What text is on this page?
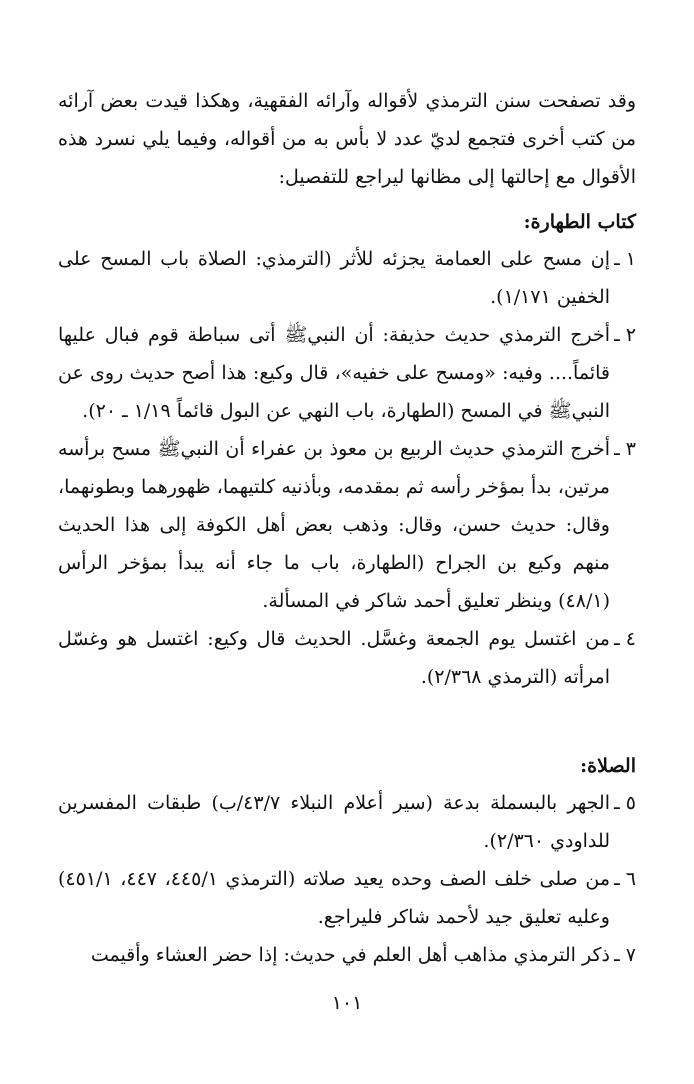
وقد تصفحت سنن الترمذي لأقواله وآرائه الفقهية، وهكذا قيدت بعض آرائه من كتب أخرى فتجمع لديّ عدد لا بأس به من أقواله، وفيما يلي نسرد هذه الأقوال مع إحالتها إلى مظانها ليراجع للتفصيل:

كتاب الطهارة:
١ ـ
إن مسح على العمامة يجزئه للأثر (الترمذي: الصلاة باب المسح على الخفين ١/١٧١).
٢ ـ
أخرج الترمذي حديث حذيفة: أن النبيﷺ أتى سباطة قوم فبال عليها قائماً.... وفيه: «ومسح على خفيه»، قال وكيع: هذا أصح حديث روى عن النبيﷺ في المسح (الطهارة، باب النهي عن البول قائماً ١/١٩ ـ ٢٠).
٣ ـ
أخرج الترمذي حديث الربيع بن معوذ بن عفراء أن النبيﷺ مسح برأسه مرتين، بدأ بمؤخر رأسه ثم بمقدمه، وبأذنيه كلتيهما، ظهورهما وبطونهما، وقال: حديث حسن، وقال: وذهب بعض أهل الكوفة إلى هذا الحديث منهم وكيع بن الجراح (الطهارة، باب ما جاء أنه يبدأ بمؤخر الرأس (٤٨/١) وينظر تعليق أحمد شاكر في المسألة.
٤ ـ
من اغتسل يوم الجمعة وغسَّل. الحديث قال وكيع: اغتسل هو وغسّل امرأته (الترمذي ٢/٣٦٨).
الصلاة:
٥ ـ
الجهر بالبسملة بدعة (سير أعلام النبلاء ٤٣/٧/ب) طبقات المفسرين للداودي ٢/٣٦٠).
٦ ـ
من صلى خلف الصف وحده يعيد صلاته (الترمذي ٤٤٥/١، ٤٤٧، ٤٥١/١) وعليه تعليق جيد لأحمد شاكر فليراجع.
٧ ـ
ذكر الترمذي مذاهب أهل العلم في حديث: إذا حضر العشاء وأقيمت
١٠١
